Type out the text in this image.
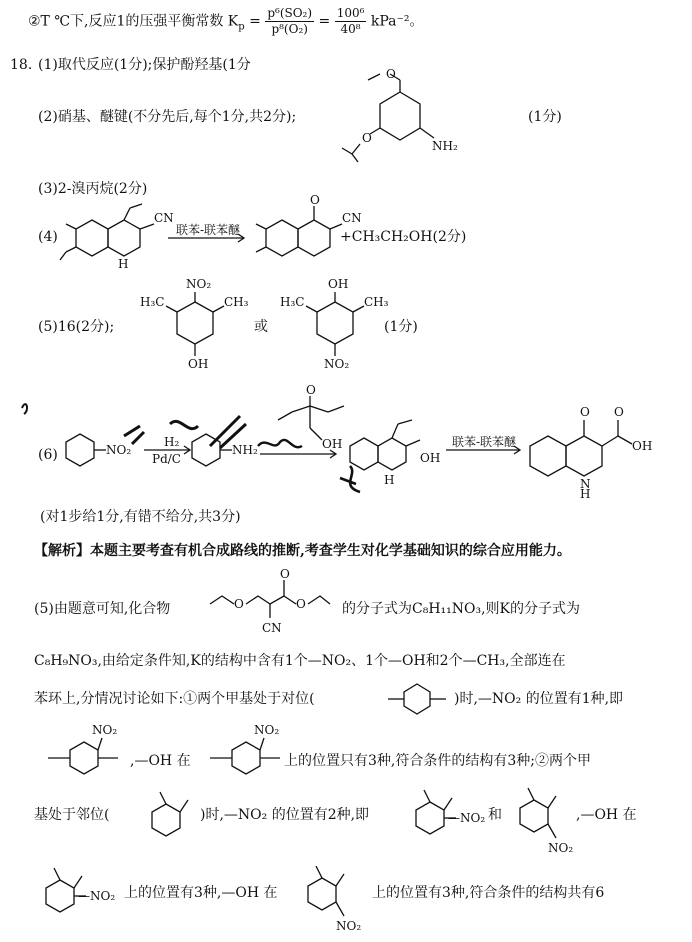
②T ℃下,反应1的压强平衡常数 $K_p = \frac{\text{p⁶(SO₂)}}{\text{p⁸(O₂)}} = \frac{\text{100⁶}}{\text{40⁸}} kPa^{-2}$。
18. (1)取代反应(1分);保护酚羟基(1分
(2)硝基、醚键(不分先后,每个1分,共2分);
O
O
NH₂
(1分)
(3)2-溴丙烷(2分)
(4)
CN
H
联苯-联苯醚
O
CN
+CH₃CH₂OH(2分)
(5)16(2分);
NO₂
H₃C	CH₃
OH
或
OH
H₃C	CH₃
NO₂
(1分)
(6)	NO₂
H₂
Pd/C
NH₂
O
OH
OH
H
联苯-联苯醚
O O
OH
N
H
(对1步给1分,有错不给分,共3分)
【解析】本题主要考查有机合成路线的推断,考查学生对化学基础知识的综合应用能力。
(5)由题意可知,化合物	O
O
O
CN
的分子式为C₈H₁₁NO₃,则K的分子式为
C₈H₉NO₃,由给定条件知,K的结构中含有1个—NO₂、1个—OH和2个—CH₃,全部连在
苯环上,分情况讨论如下:①两个甲基处于对位(	)时,—NO₂ 的位置有1种,即
NO₂
,—OH 在
NO₂
上的位置只有3种,符合条件的结构有3种;②两个甲
基处于邻位(	)时,—NO₂ 的位置有2种,即	—NO₂ 和
NO₂
,—OH 在
—NO₂ 上的位置有3种,—OH 在
NO₂
上的位置有3种,符合条件的结构共有6
